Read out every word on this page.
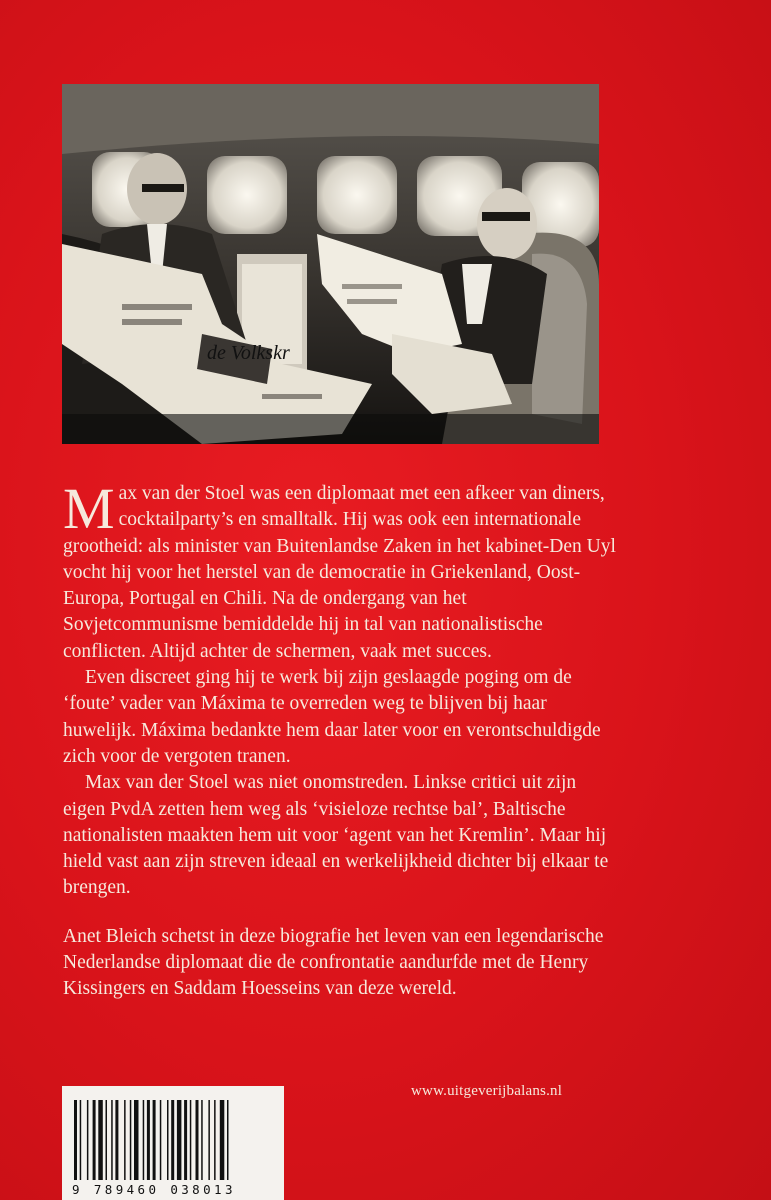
de Volkskr

Max van der Stoel was een diplomaat met een afkeer van diners, cocktailparty’s en smalltalk. Hij was ook een internationale grootheid: als minister van Buitenlandse Zaken in het kabinet-Den Uyl vocht hij voor het herstel van de democratie in Griekenland, Oost-Europa, Portugal en Chili. Na de ondergang van het Sovjetcommunisme bemiddelde hij in tal van nationalistische conflicten. Altijd achter de schermen, vaak met succes.

Even discreet ging hij te werk bij zijn geslaagde poging om de ‘foute’ vader van Máxima te overreden weg te blijven bij haar huwelijk. Máxima bedankte hem daar later voor en verontschuldigde zich voor de vergoten tranen.

Max van der Stoel was niet onomstreden. Linkse critici uit zijn eigen PvdA zetten hem weg als ‘visieloze rechtse bal’, Baltische nationalisten maakten hem uit voor ‘agent van het Kremlin’. Maar hij hield vast aan zijn streven ideaal en werkelijkheid dichter bij elkaar te brengen.

Anet Bleich schetst in deze biografie het leven van een legendarische Nederlandse diplomaat die de confrontatie aandurfde met de Henry Kissingers en Saddam Hoesseins van deze wereld.

www.uitgeverijbalans.nl
9 789460 038013
